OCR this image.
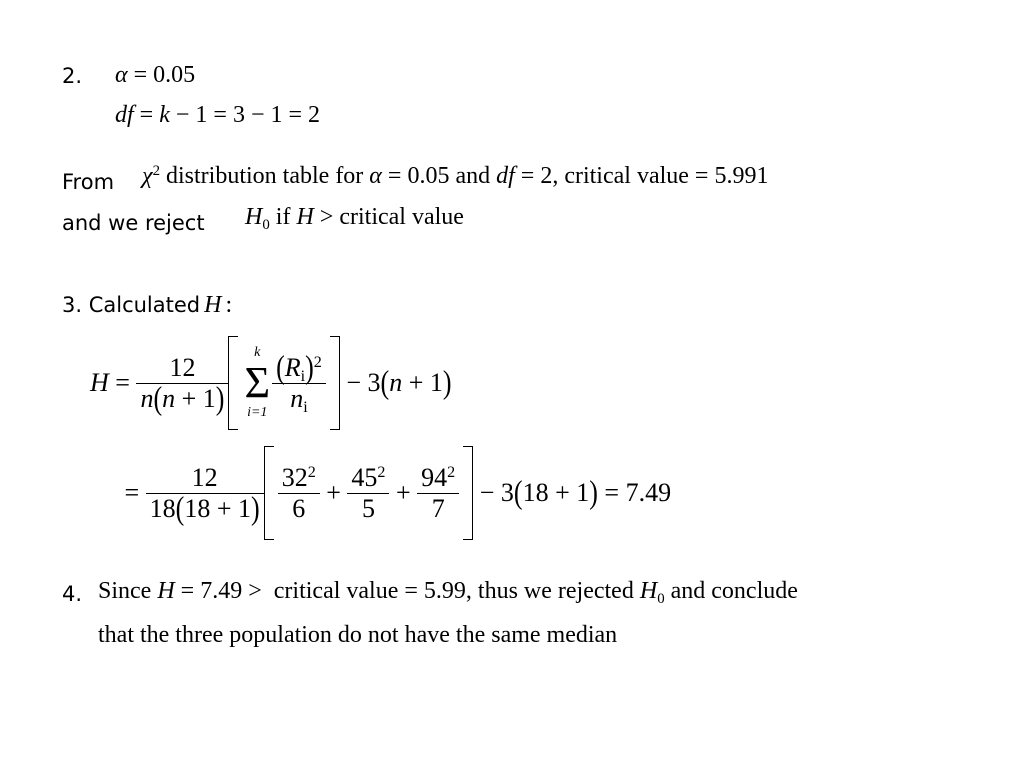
2. α = 0.05
df = k − 1 = 3 − 1 = 2
From $\chi^2$ distribution table for α = 0.05 and df = 2, critical value = 5.991
and we reject $H_0$ if H > critical value
3. Calculated H :
$H = \frac{12}{n(n + 1)}$	k
Σ
$i=1 \frac{(R_i)^2}{n_i} - 3(n + 1)$
= $\frac{12}{18(18 + 1)} \frac{32^2}{6} + \frac{45^2}{5} + \frac{94^2}{7} - 3(18 + 1) = 7.49$
4. Since H = 7.49 > critical value = 5.99, thus we rejected $H_0$ and conclude
that the three population do not have the same median
